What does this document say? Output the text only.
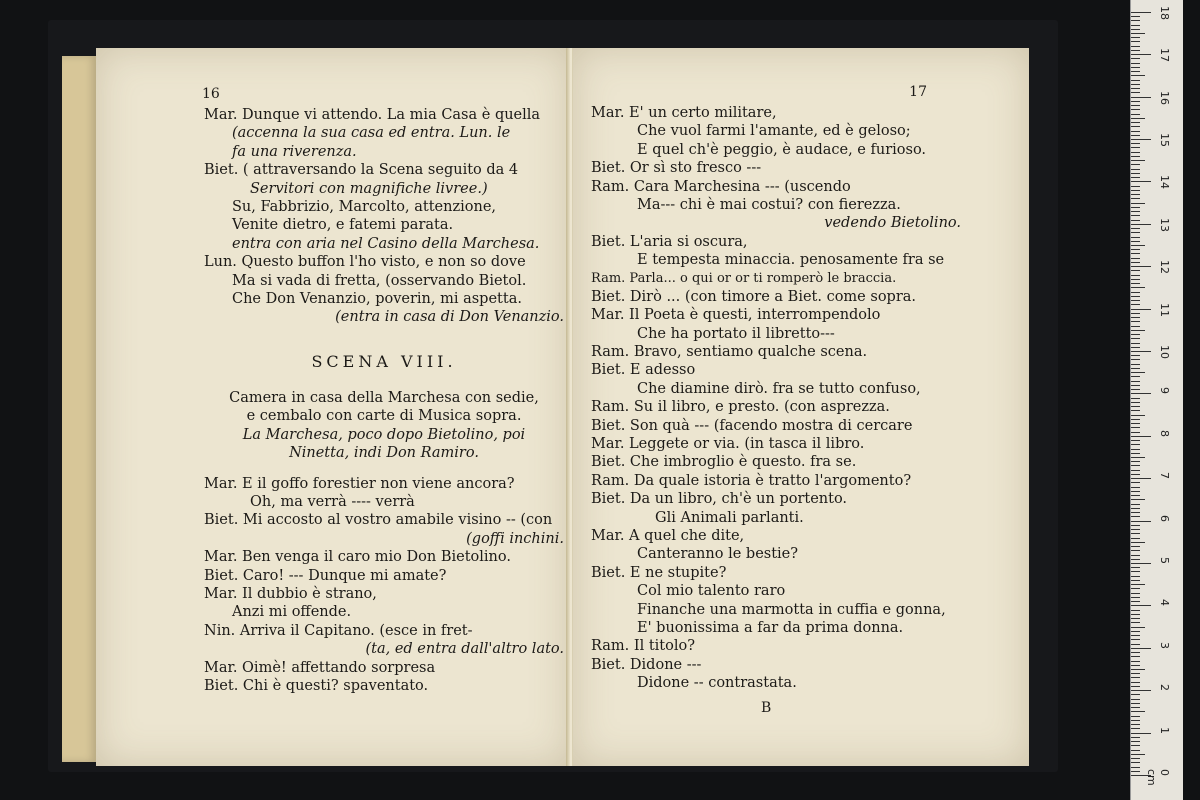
16
Mar. Dunque vi attendo. La mia Casa è quella
(accenna la sua casa ed entra. Lun. le
fa una riverenza.
Biet. ( attraversando la Scena seguito da 4
Servitori con magnifiche livree.)
Su, Fabbrizio, Marcolto, attenzione,
Venite dietro, e fatemi parata.
entra con aria nel Casino della Marchesa.
Lun. Questo buffon l'ho visto, e non so dove
Ma si vada di fretta, (osservando Bietol.
Che Don Venanzio, poverin, mi aspetta.
(entra in casa di Don Venanzio.
SCENA VIII.
Camera in casa della Marchesa con sedie,
e cembalo con carte di Musica sopra.
La Marchesa, poco dopo Bietolino, poi
Ninetta, indi Don Ramiro.
Mar. E il goffo forestier non viene ancora?
Oh, ma verrà ---- verrà
Biet. Mi accosto al vostro amabile visino -- (con
(goffi inchini.
Mar. Ben venga il caro mio Don Bietolino.
Biet. Caro! --- Dunque mi amate?
Mar. Il dubbio è strano,
Anzi mi offende.
Nin. Arriva il Capitano. (esce in fret-
(ta, ed entra dall'altro lato.
Mar. Oimè! affettando sorpresa
Biet. Chi è questi? spaventato.
17
Mar. E' un certo militare,
Che vuol farmi l'amante, ed è geloso;
E quel ch'è peggio, è audace, e furioso.
Biet. Or sì sto fresco ---
Ram. Cara Marchesina --- (uscendo
Ma--- chi è mai costui? con fierezza.
vedendo Bietolino.
Biet. L'aria si oscura,
E tempesta minaccia. penosamente fra se
Ram. Parla... o qui or or ti romperò le braccia.
Biet. Dirò ... (con timore a Biet. come sopra.
Mar. Il Poeta è questi, interrompendolo
Che ha portato il libretto---
Ram. Bravo, sentiamo qualche scena.
Biet. E adesso
Che diamine dirò. fra se tutto confuso,
Ram. Su il libro, e presto. (con asprezza.
Biet. Son quà --- (facendo mostra di cercare
Mar. Leggete or via. (in tasca il libro.
Biet. Che imbroglio è questo. fra se.
Ram. Da quale istoria è tratto l'argomento?
Biet. Da un libro, ch'è un portento.
Gli Animali parlanti.
Mar. A quel che dite,
Canteranno le bestie?
Biet. E ne stupite?
Col mio talento raro
Finanche una marmotta in cuffia e gonna,
E' buonissima a far da prima donna.
Ram. Il titolo?
Biet. Didone ---
Didone -- contrastata.
B
0 cm
1
2
3
4
5
6
7
8
9
10
11
12
13
14
15
16
17
18
